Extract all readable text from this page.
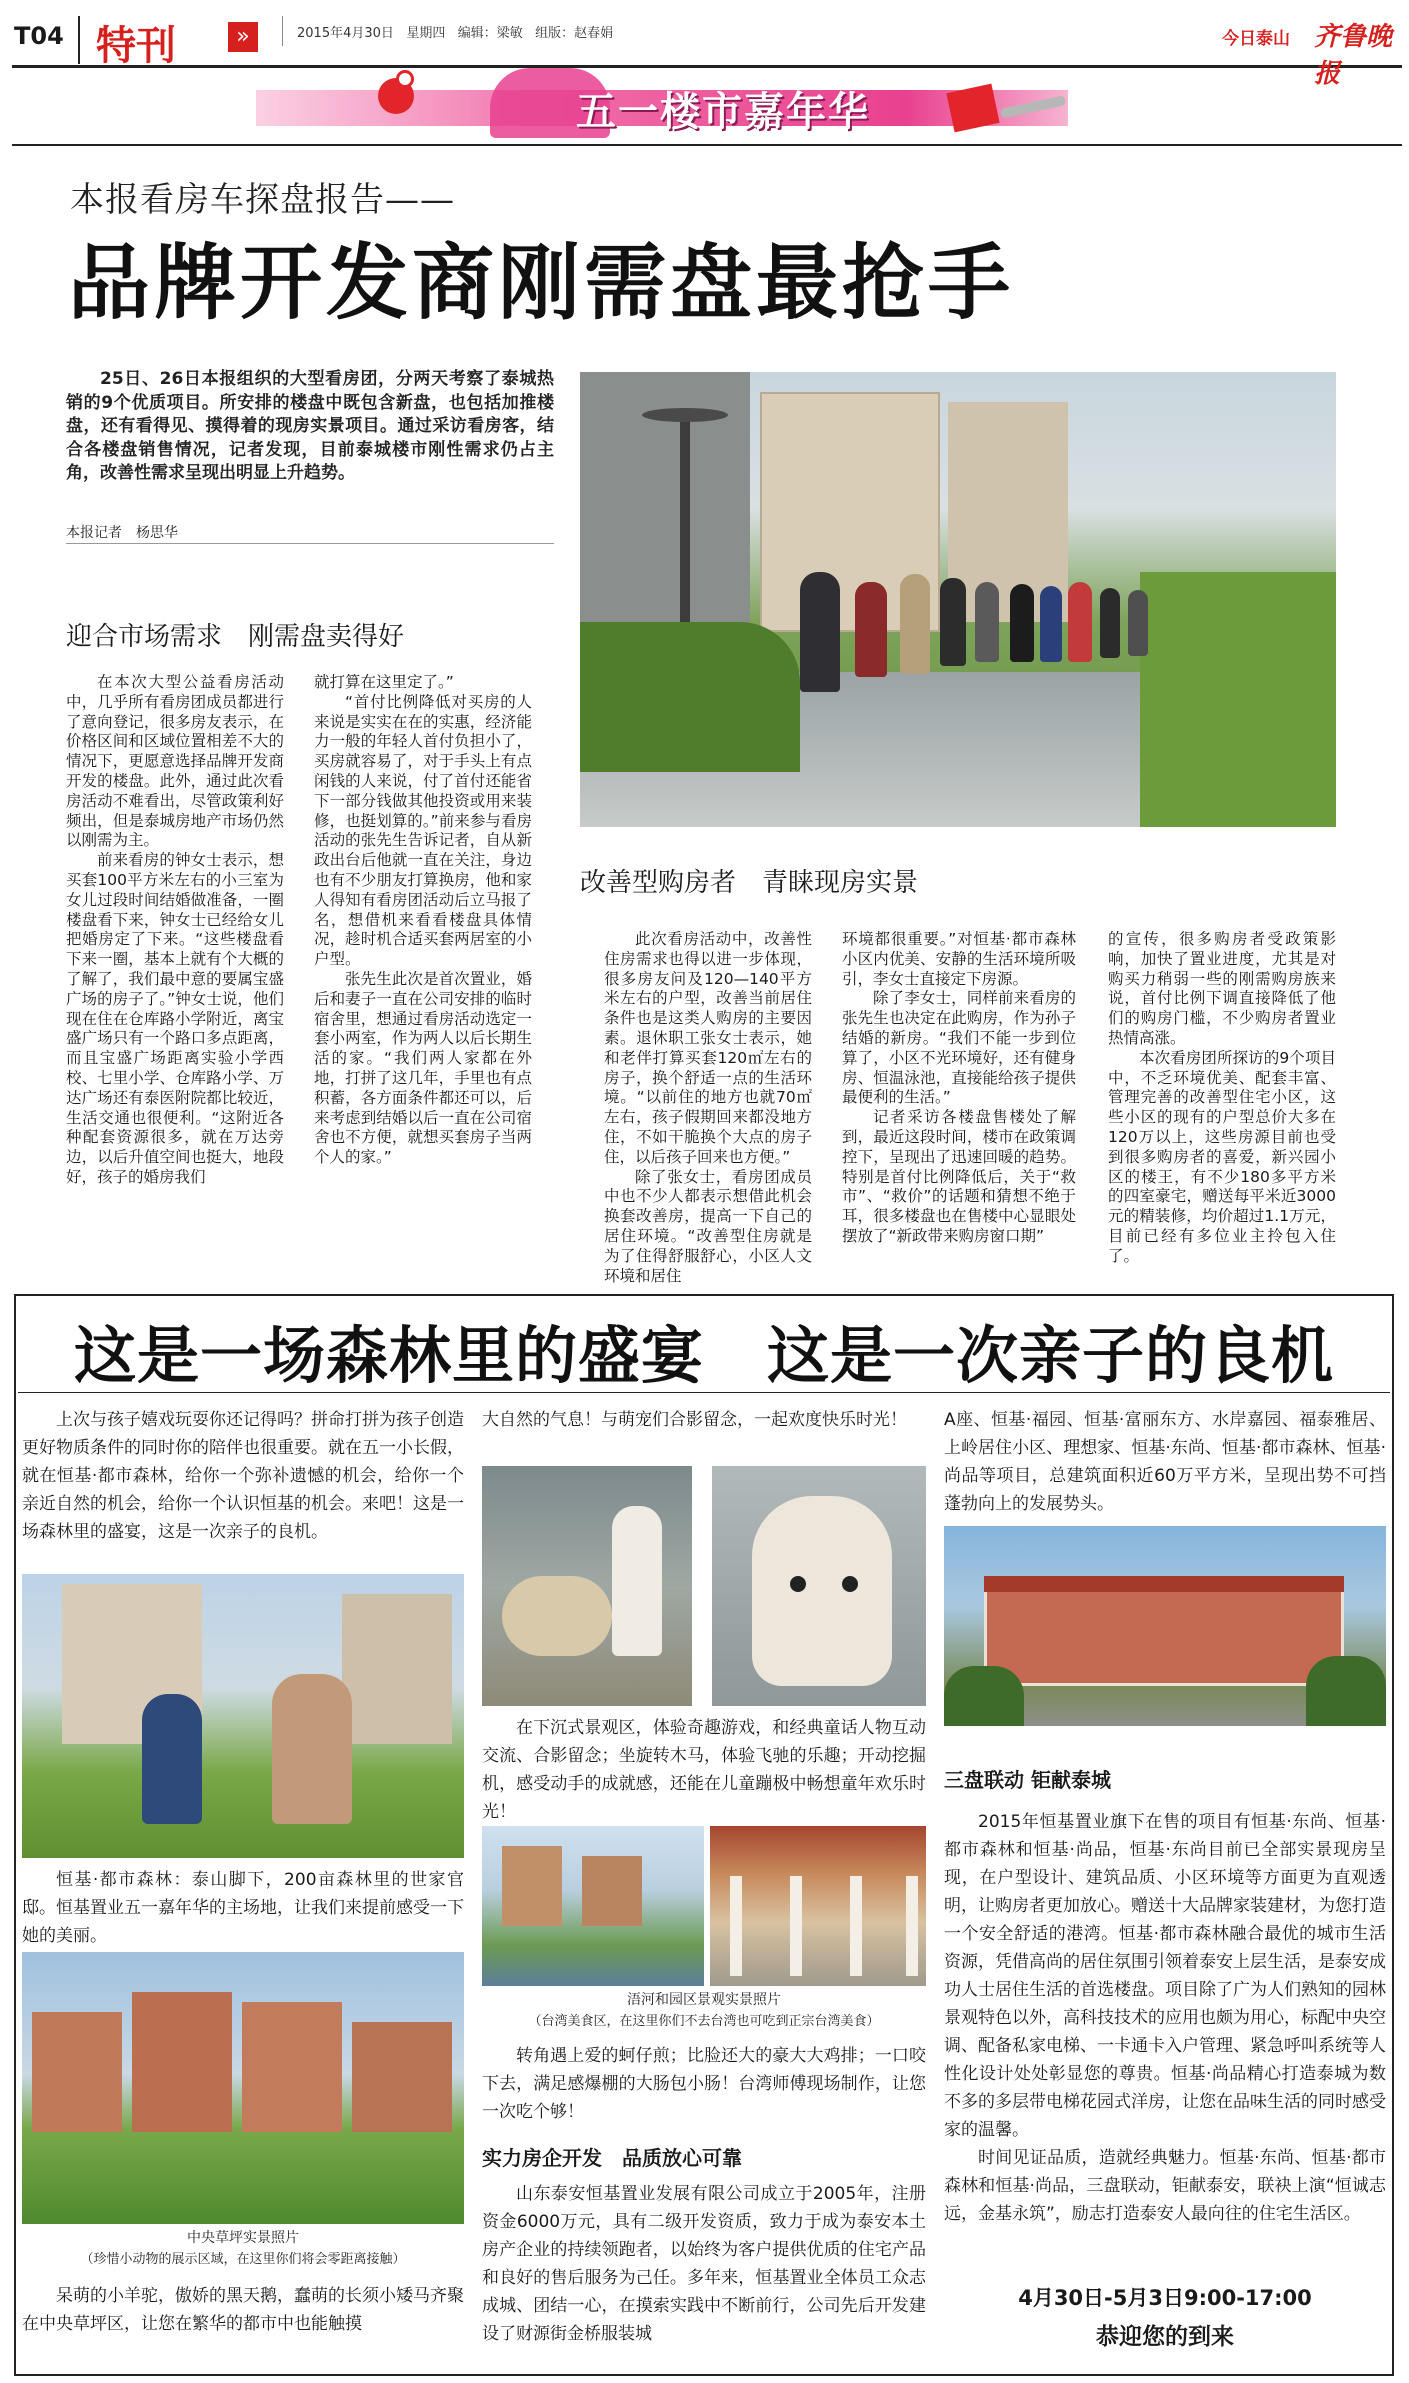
T04 特刊	»	2015年4月30日 星期四 编辑：梁敏 组版：赵春娟	今日泰山 齐鲁晚报
五一楼市嘉年华
本报看房车探盘报告——
品牌开发商刚需盘最抢手

25日、26日本报组织的大型看房团，分两天考察了泰城热销的9个优质项目。所安排的楼盘中既包含新盘，也包括加推楼盘，还有看得见、摸得着的现房实景项目。通过采访看房客，结合各楼盘销售情况，记者发现，目前泰城楼市刚性需求仍占主角，改善性需求呈现出明显上升趋势。

本报记者　杨思华
迎合市场需求　刚需盘卖得好
改善型购房者　青睐现房实景

在本次大型公益看房活动中，几乎所有看房团成员都进行了意向登记，很多房友表示，在价格区间和区域位置相差不大的情况下，更愿意选择品牌开发商开发的楼盘。此外，通过此次看房活动不难看出，尽管政策利好频出，但是泰城房地产市场仍然以刚需为主。

前来看房的钟女士表示，想买套100平方米左右的小三室为女儿过段时间结婚做准备，一圈楼盘看下来，钟女士已经给女儿把婚房定了下来。“这些楼盘看下来一圈，基本上就有个大概的了解了，我们最中意的要属宝盛广场的房子了。”钟女士说，他们现在住在仓库路小学附近，离宝盛广场只有一个路口多点距离，而且宝盛广场距离实验小学西校、七里小学、仓库路小学、万达广场还有泰医附院都比较近，生活交通也很便利。“这附近各种配套资源很多，就在万达旁边，以后升值空间也挺大，地段好，孩子的婚房我们

就打算在这里定了。”

“首付比例降低对买房的人来说是实实在在的实惠，经济能力一般的年轻人首付负担小了，买房就容易了，对于手头上有点闲钱的人来说，付了首付还能省下一部分钱做其他投资或用来装修，也挺划算的。”前来参与看房活动的张先生告诉记者，自从新政出台后他就一直在关注，身边也有不少朋友打算换房，他和家人得知有看房团活动后立马报了名，想借机来看看楼盘具体情况，趁时机合适买套两居室的小户型。

张先生此次是首次置业，婚后和妻子一直在公司安排的临时宿舍里，想通过看房活动选定一套小两室，作为两人以后长期生活的家。“我们两人家都在外地，打拼了这几年，手里也有点积蓄，各方面条件都还可以，后来考虑到结婚以后一直在公司宿舍也不方便，就想买套房子当两个人的家。”

此次看房活动中，改善性住房需求也得以进一步体现，很多房友问及120—140平方米左右的户型，改善当前居住条件也是这类人购房的主要因素。退休职工张女士表示，她和老伴打算买套120㎡左右的房子，换个舒适一点的生活环境。“以前住的地方也就70㎡左右，孩子假期回来都没地方住，不如干脆换个大点的房子住，以后孩子回来也方便。”

除了张女士，看房团成员中也不少人都表示想借此机会换套改善房，提高一下自己的居住环境。“改善型住房就是为了住得舒服舒心，小区人文环境和居住

环境都很重要。”对恒基·都市森林小区内优美、安静的生活环境所吸引，李女士直接定下房源。

除了李女士，同样前来看房的张先生也决定在此购房，作为孙子结婚的新房。“我们不能一步到位算了，小区不光环境好，还有健身房、恒温泳池，直接能给孩子提供最便利的生活。”

记者采访各楼盘售楼处了解到，最近这段时间，楼市在政策调控下，呈现出了迅速回暖的趋势。特别是首付比例降低后，关于“救市”、“救价”的话题和猜想不绝于耳，很多楼盘也在售楼中心显眼处摆放了“新政带来购房窗口期”

的宣传，很多购房者受政策影响，加快了置业进度，尤其是对购买力稍弱一些的刚需购房族来说，首付比例下调直接降低了他们的购房门槛，不少购房者置业热情高涨。

本次看房团所探访的9个项目中，不乏环境优美、配套丰富、管理完善的改善型住宅小区，这些小区的现有的户型总价大多在120万以上，这些房源目前也受到很多购房者的喜爱，新兴园小区的楼王，有不少180多平方米的四室豪宅，赠送每平米近3000元的精装修，均价超过1.1万元，目前已经有多位业主拎包入住了。

这是一场森林里的盛宴　这是一次亲子的良机

上次与孩子嬉戏玩耍你还记得吗？拼命打拼为孩子创造更好物质条件的同时你的陪伴也很重要。就在五一小长假，就在恒基·都市森林，给你一个弥补遗憾的机会，给你一个亲近自然的机会，给你一个认识恒基的机会。来吧！这是一场森林里的盛宴，这是一次亲子的良机。

恒基·都市森林：泰山脚下，200亩森林里的世家官邸。恒基置业五一嘉年华的主场地，让我们来提前感受一下她的美丽。

中央草坪实景照片
（珍惜小动物的展示区域，在这里你们将会零距离接触）

呆萌的小羊驼，傲娇的黑天鹅，蠢萌的长须小矮马齐聚在中央草坪区，让您在繁华的都市中也能触摸

大自然的气息！与萌宠们合影留念，一起欢度快乐时光！

在下沉式景观区，体验奇趣游戏，和经典童话人物互动交流、合影留念；坐旋转木马，体验飞驰的乐趣；开动挖掘机，感受动手的成就感，还能在儿童蹦极中畅想童年欢乐时光！

浯河和园区景观实景照片
（台湾美食区，在这里你们不去台湾也可吃到正宗台湾美食）

转角遇上爱的蚵仔煎；比脸还大的豪大大鸡排；一口咬下去，满足感爆棚的大肠包小肠！台湾师傅现场制作，让您一次吃个够！

实力房企开发　品质放心可靠

山东泰安恒基置业发展有限公司成立于2005年，注册资金6000万元，具有二级开发资质，致力于成为泰安本土房产企业的持续领跑者，以始终为客户提供优质的住宅产品和良好的售后服务为己任。多年来，恒基置业全体员工众志成城、团结一心，在摸索实践中不断前行，公司先后开发建设了财源街金桥服装城

A座、恒基·福园、恒基·富丽东方、水岸嘉园、福泰雅居、上岭居住小区、理想家、恒基·东尚、恒基·都市森林、恒基·尚品等项目，总建筑面积近60万平方米，呈现出势不可挡蓬勃向上的发展势头。

三盘联动 钜献泰城

2015年恒基置业旗下在售的项目有恒基·东尚、恒基·都市森林和恒基·尚品，恒基·东尚目前已全部实景现房呈现，在户型设计、建筑品质、小区环境等方面更为直观透明，让购房者更加放心。赠送十大品牌家装建材，为您打造一个安全舒适的港湾。恒基·都市森林融合最优的城市生活资源，凭借高尚的居住氛围引领着泰安上层生活，是泰安成功人士居住生活的首选楼盘。项目除了广为人们熟知的园林景观特色以外，高科技技术的应用也颇为用心，标配中央空调、配备私家电梯、一卡通卡入户管理、紧急呼叫系统等人性化设计处处彰显您的尊贵。恒基·尚品精心打造泰城为数不多的多层带电梯花园式洋房，让您在品味生活的同时感受家的温馨。

时间见证品质，造就经典魅力。恒基·东尚、恒基·都市森林和恒基·尚品，三盘联动，钜献泰安，联袂上演“恒诚志远，金基永筑”，励志打造泰安人最向往的住宅生活区。

4月30日-5月3日9:00-17:00
恭迎您的到来
